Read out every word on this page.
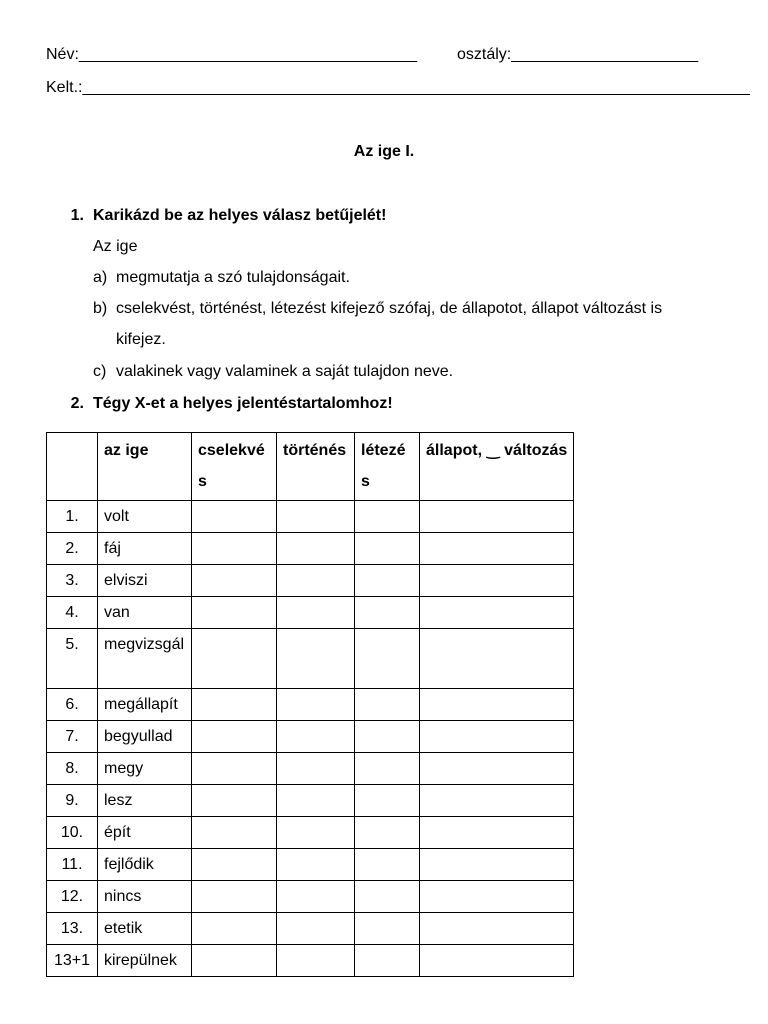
Név:______________________________________ osztály:_____________________
Kelt.:___________________________________________________________________________
Az ige I.
1. Karikázd be az helyes válasz betűjelét!
Az ige
a) megmutatja a szó tulajdonságait.
b) cselekvést, történést, létezést kifejező szófaj, de állapotot, állapot változást is
kifejez.
c) valakinek vagy valaminek a saját tulajdon neve.
2. Tégy X-et a helyes jelentéstartalomhoz!
	az ige	cselekvés	történés	létezés	állapot, ‿ változás
1.	volt				
2.	fáj				
3.	elviszi				
4.	van				
5.	megvizsgál				
6.	megállapít				
7.	begyullad				
8.	megy				
9.	lesz				
10.	épít				
11.	fejlődik				
12.	nincs				
13.	etetik				
13+1	kirepülnek				
